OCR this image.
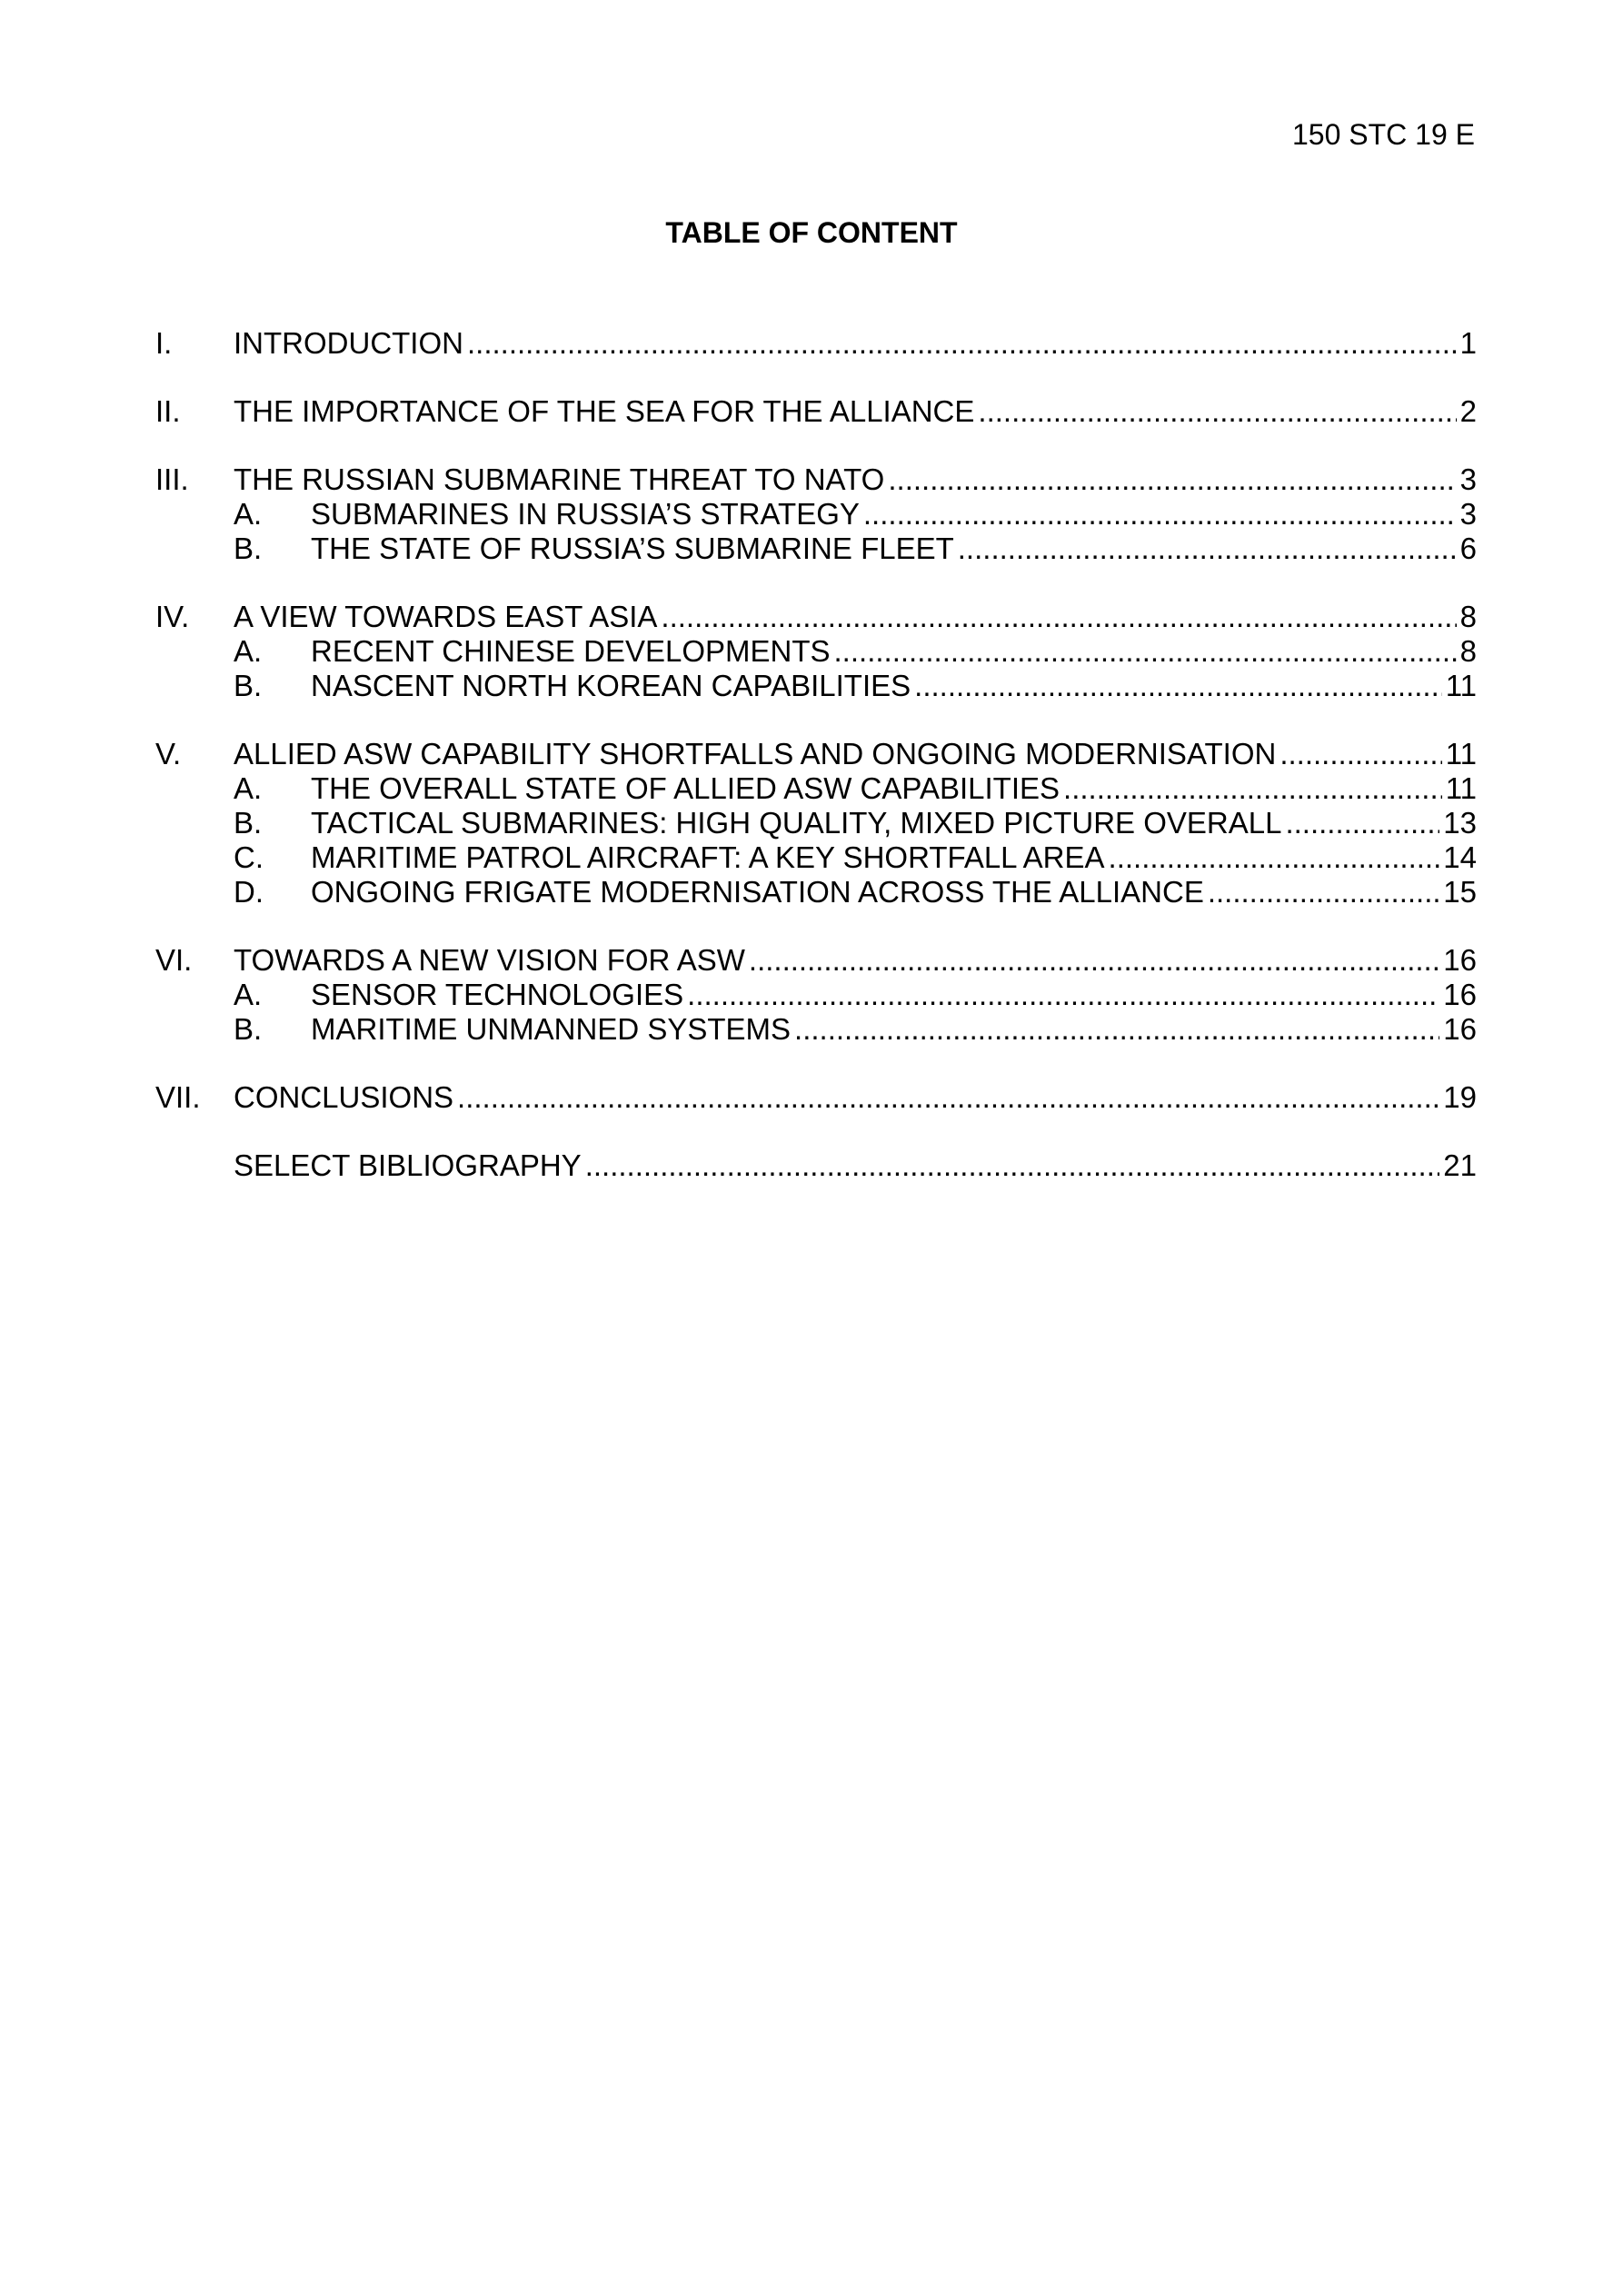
150 STC 19 E
TABLE OF CONTENT
I.	INTRODUCTION .....	1
II.	THE IMPORTANCE OF THE SEA FOR THE ALLIANCE .....	2
III.	THE RUSSIAN SUBMARINE THREAT TO NATO .....	3
A.	SUBMARINES IN RUSSIA’S STRATEGY .....	3
B.	THE STATE OF RUSSIA’S SUBMARINE FLEET .....	6
IV.	A VIEW TOWARDS EAST ASIA .....	8
A.	RECENT CHINESE DEVELOPMENTS .....	8
B.	NASCENT NORTH KOREAN CAPABILITIES .....	11
V.	ALLIED ASW CAPABILITY SHORTFALLS AND ONGOING MODERNISATION .....	11
A.	THE OVERALL STATE OF ALLIED ASW CAPABILITIES .....	11
B.	TACTICAL SUBMARINES: HIGH QUALITY, MIXED PICTURE OVERALL .....	13
C.	MARITIME PATROL AIRCRAFT: A KEY SHORTFALL AREA .....	14
D.	ONGOING FRIGATE MODERNISATION ACROSS THE ALLIANCE .....	15
VI.	TOWARDS A NEW VISION FOR ASW .....	16
A.	SENSOR TECHNOLOGIES .....	16
B.	MARITIME UNMANNED SYSTEMS .....	16
VII.	CONCLUSIONS .....	19
SELECT BIBLIOGRAPHY .....	21
